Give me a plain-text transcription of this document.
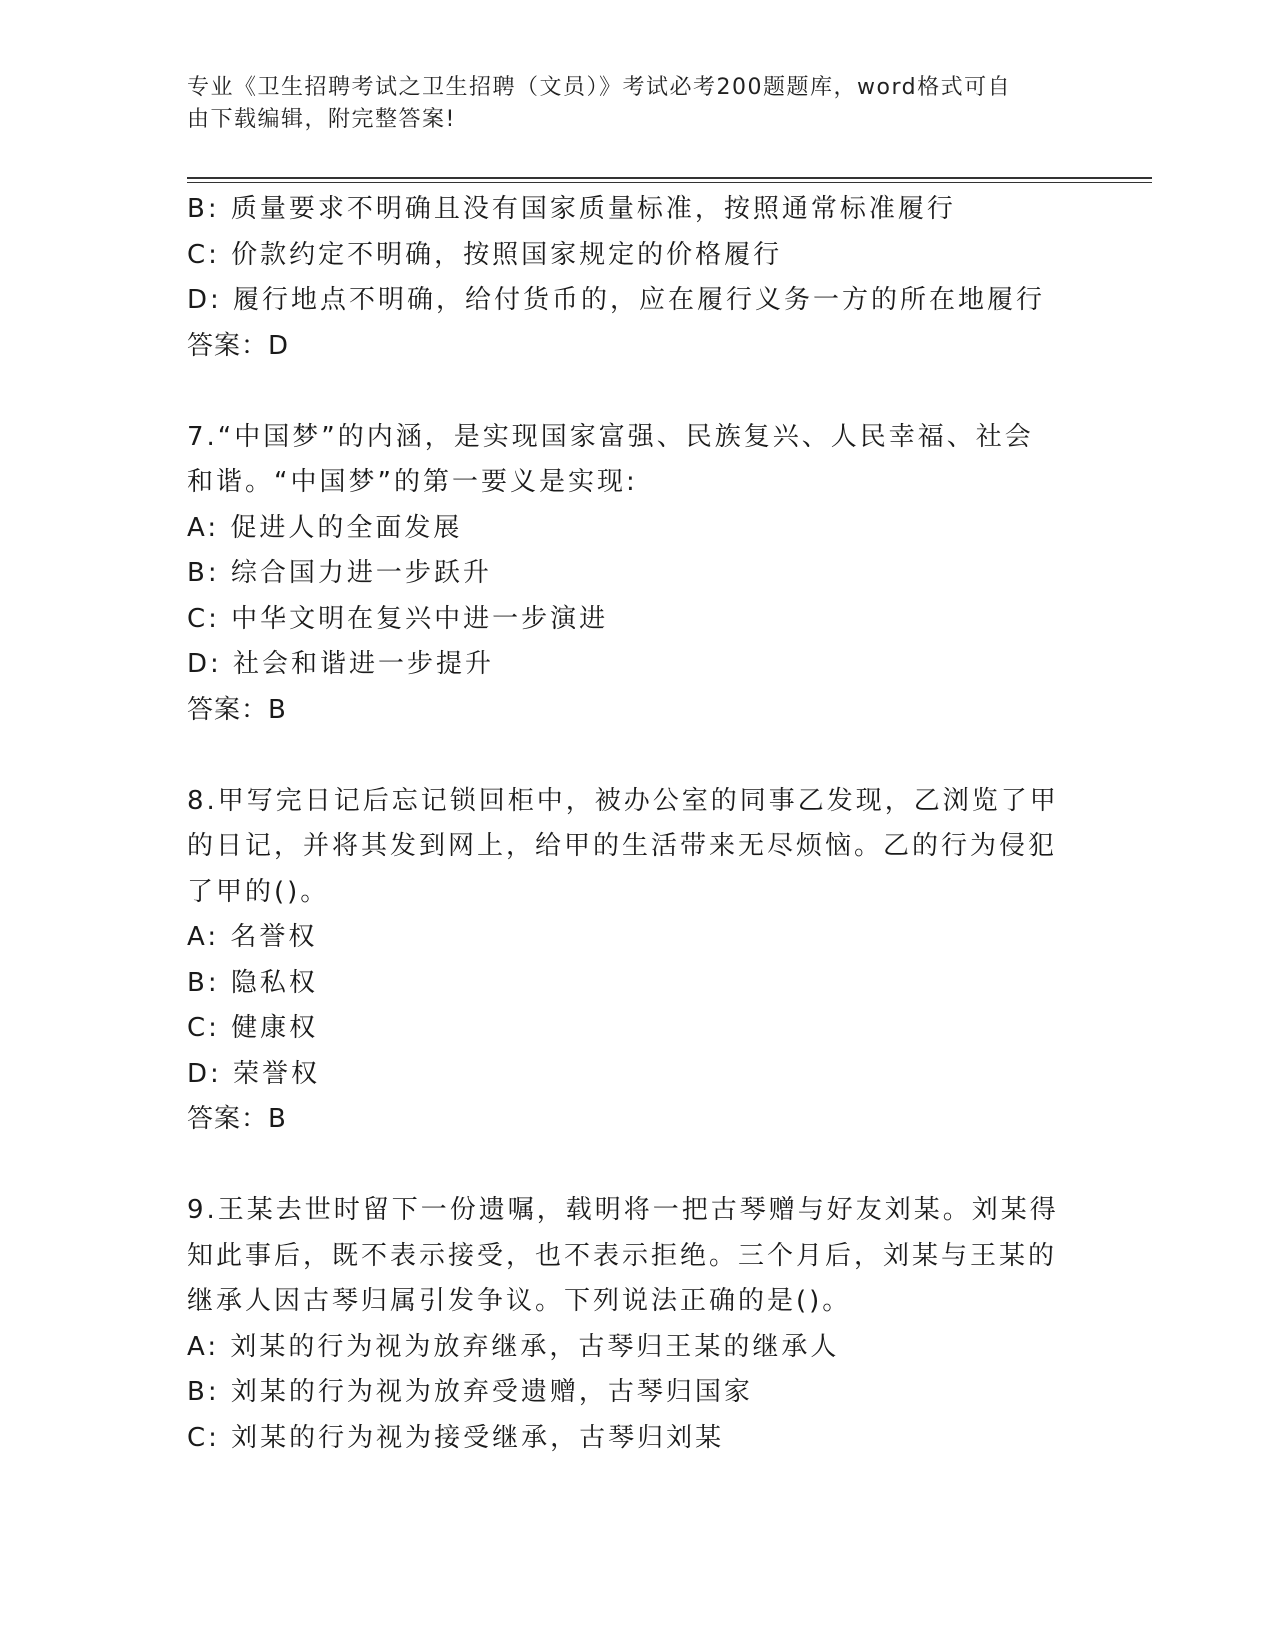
专业《卫生招聘考试之卫生招聘（文员）》考试必考200题题库，word格式可自
由下载编辑，附完整答案!
B: 质量要求不明确且没有国家质量标准，按照通常标准履行
C: 价款约定不明确，按照国家规定的价格履行
D: 履行地点不明确，给付货币的，应在履行义务一方的所在地履行
答案：D
7.“中国梦”的内涵，是实现国家富强、民族复兴、人民幸福、社会
和谐。“中国梦”的第一要义是实现:
A: 促进人的全面发展
B: 综合国力进一步跃升
C: 中华文明在复兴中进一步演进
D: 社会和谐进一步提升
答案：B
8.甲写完日记后忘记锁回柜中，被办公室的同事乙发现，乙浏览了甲
的日记，并将其发到网上，给甲的生活带来无尽烦恼。乙的行为侵犯
了甲的()。
A: 名誉权
B: 隐私权
C: 健康权
D: 荣誉权
答案：B
9.王某去世时留下一份遗嘱，载明将一把古琴赠与好友刘某。刘某得
知此事后，既不表示接受，也不表示拒绝。三个月后，刘某与王某的
继承人因古琴归属引发争议。下列说法正确的是()。
A: 刘某的行为视为放弃继承，古琴归王某的继承人
B: 刘某的行为视为放弃受遗赠，古琴归国家
C: 刘某的行为视为接受继承，古琴归刘某
